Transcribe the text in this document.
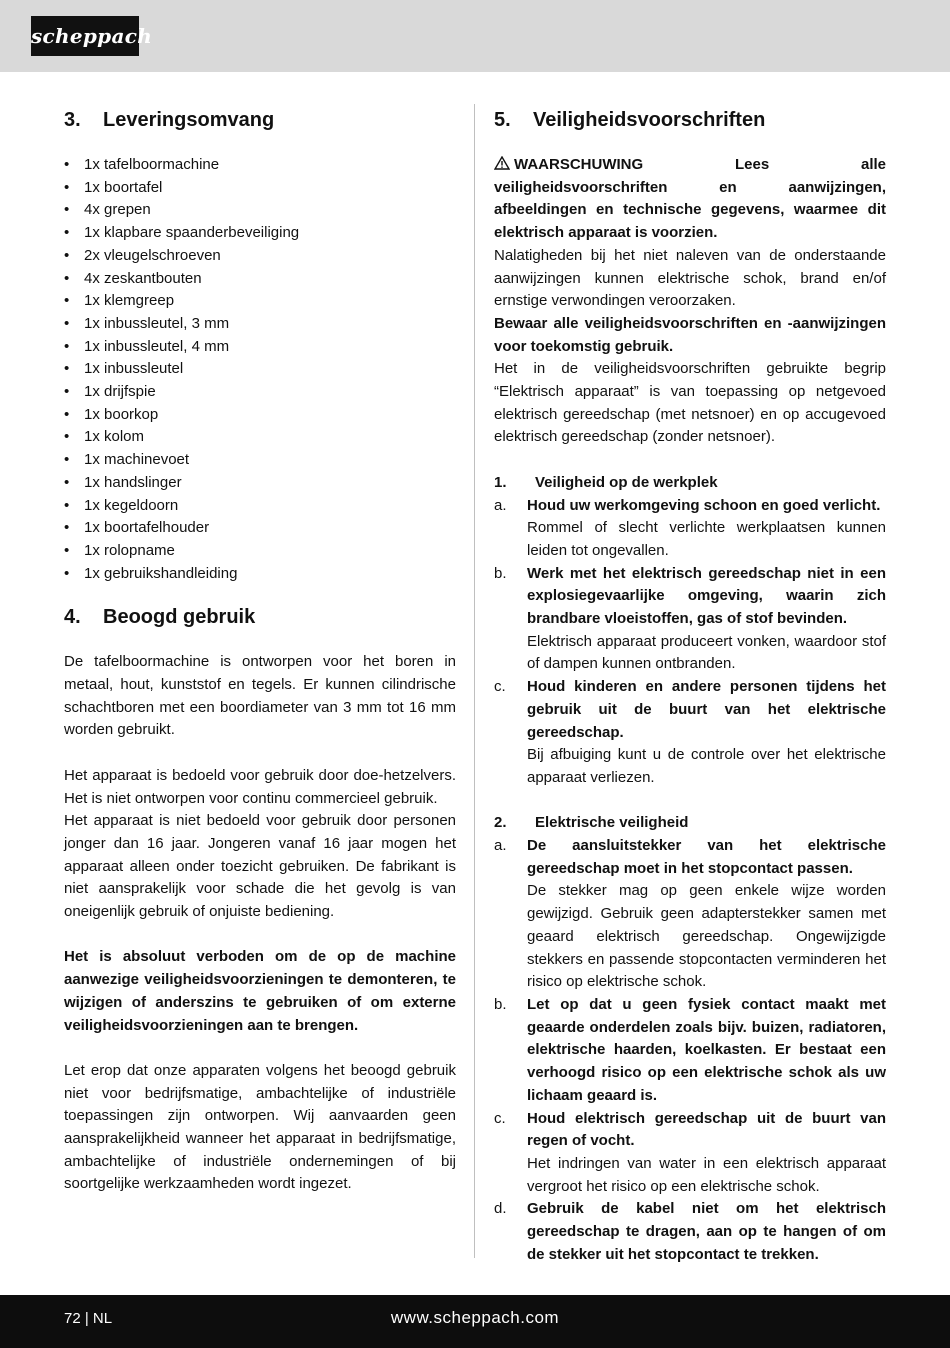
scheppach
3.	Leveringsomvang
• 1x tafelboormachine
• 1x boortafel
• 4x grepen
• 1x klapbare spaanderbeveiliging
• 2x vleugelschroeven
• 4x zeskantbouten
• 1x klemgreep
• 1x inbussleutel, 3 mm
• 1x inbussleutel, 4 mm
• 1x inbussleutel
• 1x drijfspie
• 1x boorkop
• 1x kolom
• 1x machinevoet
• 1x handslinger
• 1x kegeldoorn
• 1x boortafelhouder
• 1x rolopname
• 1x gebruikshandleiding
4.	Beoogd gebruik

De tafelboormachine is ontworpen voor het boren in metaal, hout, kunststof en tegels. Er kunnen cilindrische schachtboren met een boordiameter van 3 mm tot 16 mm worden gebruikt.

Het apparaat is bedoeld voor gebruik door doe-hetzelvers. Het is niet ontworpen voor continu commercieel gebruik.

Het apparaat is niet bedoeld voor gebruik door personen jonger dan 16 jaar. Jongeren vanaf 16 jaar mogen het apparaat alleen onder toezicht gebruiken. De fabrikant is niet aansprakelijk voor schade die het gevolg is van oneigenlijk gebruik of onjuiste bediening.

Het is absoluut verboden om de op de machine aanwezige veiligheidsvoorzieningen te demonteren, te wijzigen of anderszins te gebruiken of om externe veiligheidsvoorzieningen aan te brengen.

Let erop dat onze apparaten volgens het beoogd gebruik niet voor bedrijfsmatige, ambachtelijke of industriële toepassingen zijn ontworpen. Wij aanvaarden geen aansprakelijkheid wanneer het apparaat in bedrijfsmatige, ambachtelijke of industriële ondernemingen of bij soortgelijke werkzaamheden wordt ingezet.

5.	Veiligheidsvoorschriften

WAARSCHUWING Lees alle veiligheidsvoorschriften en aanwijzingen, afbeeldingen en technische gegevens, waarmee dit elektrisch apparaat is voorzien.

Nalatigheden bij het niet naleven van de onderstaande aanwijzingen kunnen elektrische schok, brand en/of ernstige verwondingen veroorzaken.

Bewaar alle veiligheidsvoorschriften en -aanwijzingen voor toekomstig gebruik.

Het in de veiligheidsvoorschriften gebruikte begrip “Elektrisch apparaat” is van toepassing op netgevoed elektrisch gereedschap (met netsnoer) en op accugevoed elektrisch gereedschap (zonder netsnoer).

1.	Veiligheid op de werkplek
a.	Houd uw werkomgeving schoon en goed verlicht.
Rommel of slecht verlichte werkplaatsen kunnen leiden tot ongevallen.
b.	Werk met het elektrisch gereedschap niet in een explosiegevaarlijke omgeving, waarin zich brandbare vloeistoffen, gas of stof bevinden.
Elektrisch apparaat produceert vonken, waardoor stof of dampen kunnen ontbranden.
c.	Houd kinderen en andere personen tijdens het gebruik uit de buurt van het elektrische gereedschap.
Bij afbuiging kunt u de controle over het elektrische apparaat verliezen.
2.	Elektrische veiligheid
a.	De aansluitstekker van het elektrische gereedschap moet in het stopcontact passen.
De stekker mag op geen enkele wijze worden gewijzigd. Gebruik geen adapterstekker samen met geaard elektrisch gereedschap. Ongewijzigde stekkers en passende stopcontacten verminderen het risico op elektrische schok.
b.	Let op dat u geen fysiek contact maakt met geaarde onderdelen zoals bijv. buizen, radiatoren, elektrische haarden, koelkasten. Er bestaat een verhoogd risico op een elektrische schok als uw lichaam geaard is.
c.	Houd elektrisch gereedschap uit de buurt van regen of vocht.
Het indringen van water in een elektrisch apparaat vergroot het risico op een elektrische schok.
d.	Gebruik de kabel niet om het elektrisch gereedschap te dragen, aan op te hangen of om de stekker uit het stopcontact te trekken.
72 | NL	www.scheppach.com
